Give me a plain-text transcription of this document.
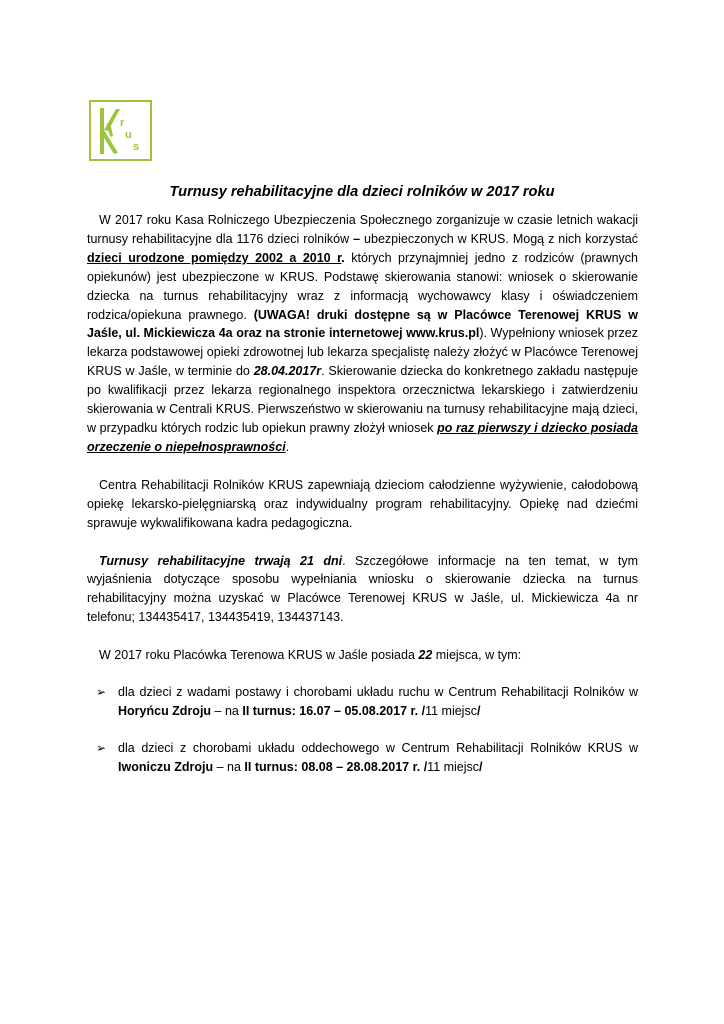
r
u
s
Turnusy rehabilitacyjne dla dzieci rolników w 2017 roku

W 2017 roku Kasa Rolniczego Ubezpieczenia Społecznego zorganizuje w czasie letnich wakacji turnusy rehabilitacyjne dla 1176 dzieci rolników – ubezpieczonych w KRUS. Mogą z nich korzystać dzieci urodzone pomiędzy 2002 a 2010 r. których przynajmniej jedno z rodziców (prawnych opiekunów) jest ubezpieczone w KRUS. Podstawę skierowania stanowi: wniosek o skierowanie dziecka na turnus rehabilitacyjny wraz z informacją wychowawcy klasy i oświadczeniem rodzica/opiekuna prawnego. (UWAGA! druki dostępne są w Placówce Terenowej KRUS w Jaśle, ul. Mickiewicza 4a oraz na stronie internetowej www.krus.pl). Wypełniony wniosek przez lekarza podstawowej opieki zdrowotnej lub lekarza specjalistę należy złożyć w Placówce Terenowej KRUS w Jaśle, w terminie do 28.04.2017r. Skierowanie dziecka do konkretnego zakładu następuje po kwalifikacji przez lekarza regionalnego inspektora orzecznictwa lekarskiego i zatwierdzeniu skierowania w Centrali KRUS. Pierwszeństwo w skierowaniu na turnusy rehabilitacyjne mają dzieci, w przypadku których rodzic lub opiekun prawny złożył wniosek po raz pierwszy i dziecko posiada orzeczenie o niepełnosprawności.

Centra Rehabilitacji Rolników KRUS zapewniają dzieciom całodzienne wyżywienie, całodobową opiekę lekarsko-pielęgniarską oraz indywidualny program rehabilitacyjny. Opiekę nad dziećmi sprawuje wykwalifikowana kadra pedagogiczna.

Turnusy rehabilitacyjne trwają 21 dni. Szczegółowe informacje na ten temat, w tym wyjaśnienia dotyczące sposobu wypełniania wniosku o skierowanie dziecka na turnus rehabilitacyjny można uzyskać w Placówce Terenowej KRUS w Jaśle, ul. Mickiewicza 4a nr telefonu; 134435417, 134435419, 134437143.

W 2017 roku Placówka Terenowa KRUS w Jaśle posiada 22 miejsca, w tym:

➢ dla dzieci z wadami postawy i chorobami układu ruchu w Centrum Rehabilitacji Rolników w Horyńcu Zdroju – na II turnus: 16.07 – 05.08.2017 r. /11 miejsc/
➢ dla dzieci z chorobami układu oddechowego w Centrum Rehabilitacji Rolników KRUS w Iwoniczu Zdroju – na II turnus: 08.08 – 28.08.2017 r. /11 miejsc/
